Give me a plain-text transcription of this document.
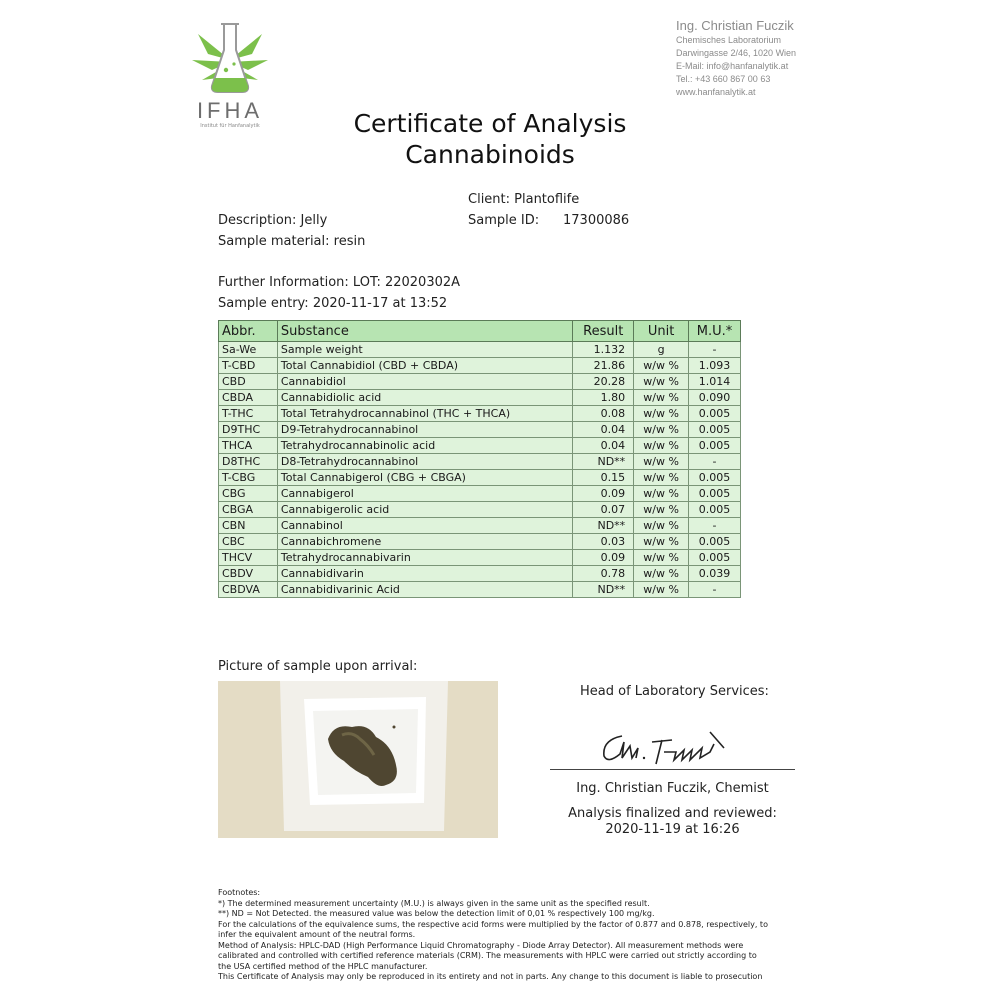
IFHA
Institut für Hanfanalytik
Ing. Christian Fuczik
Chemisches Laboratorium
Darwingasse 2/46, 1020 Wien
E-Mail: info@hanfanalytik.at
Tel.: +43 660 867 00 63
www.hanfanalytik.at
Certificate of Analysis
Cannabinoids
Client: Plantoflife
Sample ID: 17300086
Description: Jelly
Sample material: resin
Further Information: LOT: 22020302A
Sample entry: 2020-11-17 at 13:52
Abbr.	Substance	Result	Unit	M.U.*
Sa-We	Sample weight	1.132	g	-
T-CBD	Total Cannabidiol (CBD + CBDA)	21.86	w/w %	1.093
CBD	Cannabidiol	20.28	w/w %	1.014
CBDA	Cannabidiolic acid	1.80	w/w %	0.090
T-THC	Total Tetrahydrocannabinol (THC + THCA)	0.08	w/w %	0.005
D9THC	D9-Tetrahydrocannabinol	0.04	w/w %	0.005
THCA	Tetrahydrocannabinolic acid	0.04	w/w %	0.005
D8THC	D8-Tetrahydrocannabinol	ND**	w/w %	-
T-CBG	Total Cannabigerol (CBG + CBGA)	0.15	w/w %	0.005
CBG	Cannabigerol	0.09	w/w %	0.005
CBGA	Cannabigerolic acid	0.07	w/w %	0.005
CBN	Cannabinol	ND**	w/w %	-
CBC	Cannabichromene	0.03	w/w %	0.005
THCV	Tetrahydrocannabivarin	0.09	w/w %	0.005
CBDV	Cannabidivarin	0.78	w/w %	0.039
CBDVA	Cannabidivarinic Acid	ND**	w/w %	-
Picture of sample upon arrival:
Head of Laboratory Services:
Ing. Christian Fuczik, Chemist
Analysis finalized and reviewed:
2020-11-19 at 16:26
Footnotes:
*) The determined measurement uncertainty (M.U.) is always given in the same unit as the specified result.
**) ND = Not Detected. the measured value was below the detection limit of 0,01 % respectively 100 mg/kg.
For the calculations of the equivalence sums, the respective acid forms were multiplied by the factor of 0.877 and 0.878, respectively, to
infer the equivalent amount of the neutral forms.
Method of Analysis: HPLC-DAD (High Performance Liquid Chromatography - Diode Array Detector). All measurement methods were
calibrated and controlled with certified reference materials (CRM). The measurements with HPLC were carried out strictly according to
the USA certified method of the HPLC manufacturer.
This Certificate of Analysis may only be reproduced in its entirety and not in parts. Any change to this document is liable to prosecution
